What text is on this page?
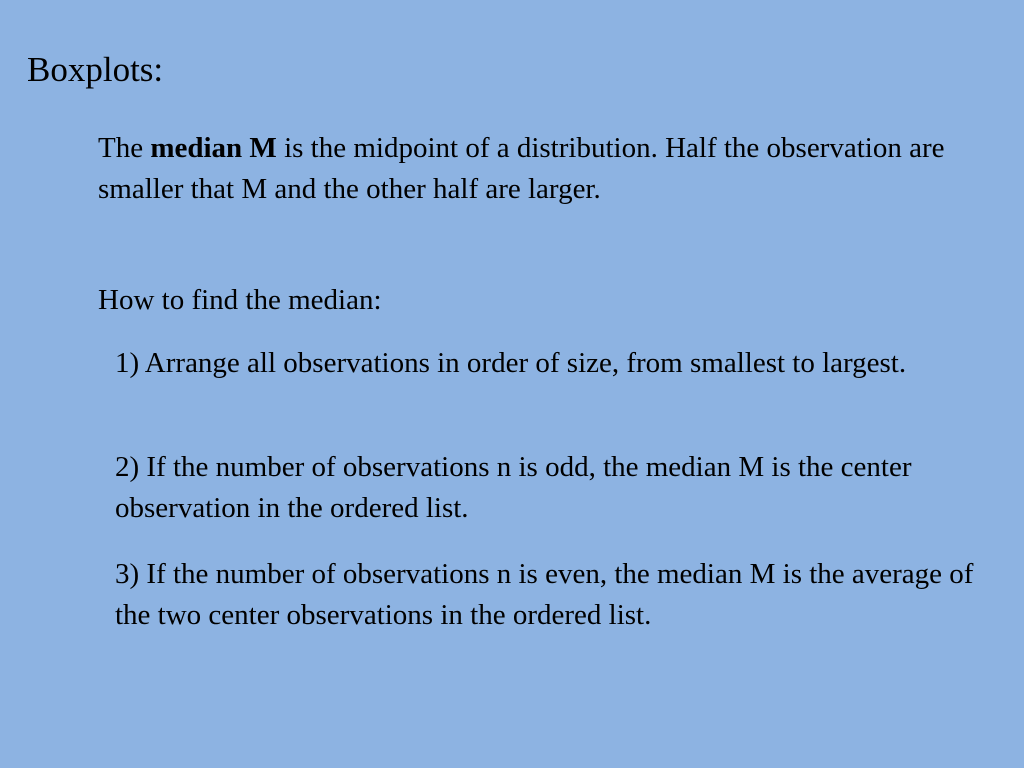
Boxplots:
The median M is the midpoint of a distribution. Half the observation are smaller that M and the other half are larger.
How to find the median:
1) Arrange all observations in order of size, from smallest to largest.
2) If the number of observations n is odd, the median M is the center observation in the ordered list.
3) If the number of observations n is even, the median M is the average of the two center observations in the ordered list.
